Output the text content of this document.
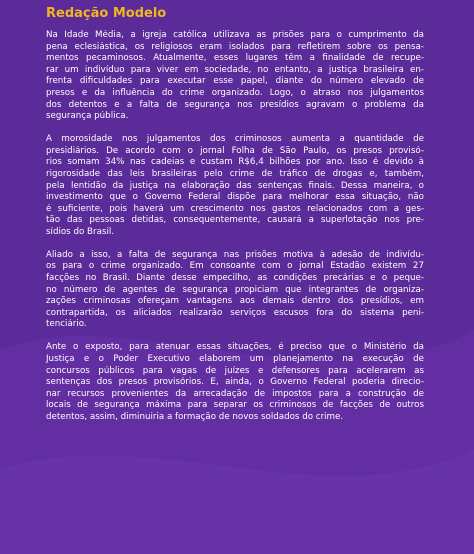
Redação Modelo
Na Idade Média, a igreja católica utilizava as prisões para o cumprimento da
pena eclesiástica, os religiosos eram isolados para refletirem sobre os pensa-
mentos pecaminosos. Atualmente, esses lugares têm a finalidade de recupe-
rar um indivíduo para viver em sociedade, no entanto, a justiça brasileira en-
frenta dificuldades para executar esse papel, diante do número elevado de
presos e da influência do crime organizado. Logo, o atraso nos julgamentos
dos detentos e a falta de segurança nos presídios agravam o problema da
segurança pública.
A morosidade nos julgamentos dos criminosos aumenta a quantidade de
presidiários. De acordo com o jornal Folha de São Paulo, os presos provisó-
rios somam 34% nas cadeias e custam R$6,4 bilhões por ano. Isso é devido à
rigorosidade das leis brasileiras pelo crime de tráfico de drogas e, também,
pela lentidão da justiça na elaboração das sentenças finais. Dessa maneira, o
investimento que o Governo Federal dispõe para melhorar essa situação, não
é suficiente, pois haverá um crescimento nos gastos relacionados com a ges-
tão das pessoas detidas, consequentemente, causará a superlotação nos pre-
sídios do Brasil.
Aliado a isso, a falta de segurança nas prisões motiva à adesão de indivídu-
os para o crime organizado. Em consoante com o jornal Estadão existem 27
facções no Brasil. Diante desse empecilho, as condições precárias e o peque-
no número de agentes de segurança propiciam que integrantes de organiza-
zações criminosas ofereçam vantagens aos demais dentro dos presídios, em
contrapartida, os aliciados realizarão serviços escusos fora do sistema peni-
tenciário.
Ante o exposto, para atenuar essas situações, é preciso que o Ministério da
Justiça e o Poder Executivo elaborem um planejamento na execução de
concursos públicos para vagas de juízes e defensores para acelerarem as
sentenças dos presos provisórios. E, ainda, o Governo Federal poderia direcio-
nar recursos provenientes da arrecadação de impostos para a construção de
locais de segurança máxima para separar os criminosos de facções de outros
detentos, assim, diminuiria a formação de novos soldados do crime.
